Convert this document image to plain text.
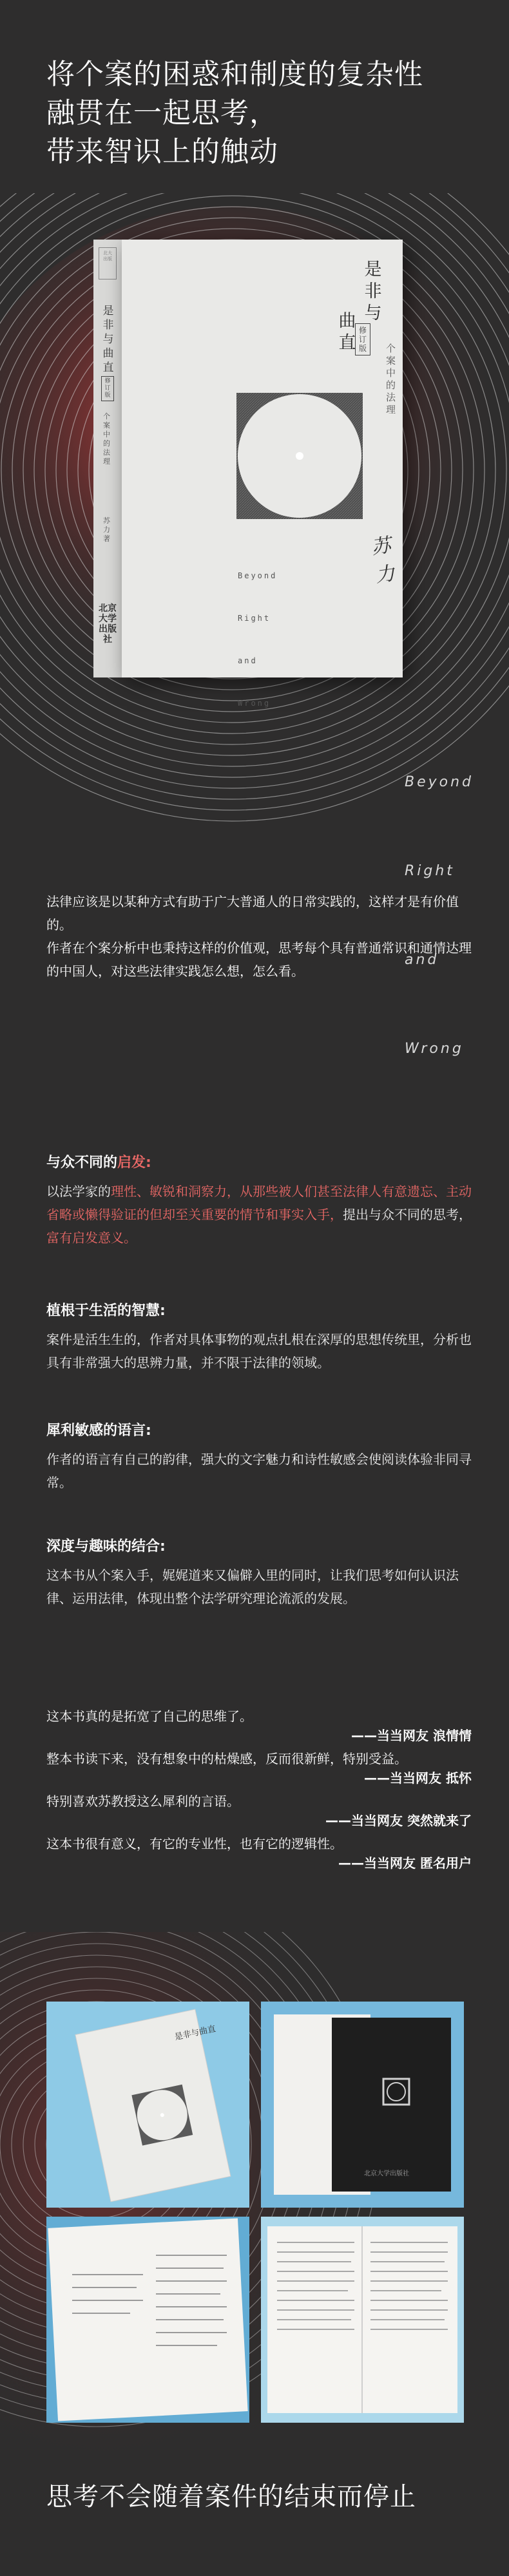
将个案的困惑和制度的复杂性
融贯在一起思考，
带来智识上的触动
北大
出版
是非与曲直
修订版
个案中的法理
苏力著
北京大学出版社
是非与
曲直
修订版	个案中的法理

Beyond

Right

and

Wrong

苏力

Beyond

Right

and

Wrong

法律应该是以某种方式有助于广大普通人的日常实践的，这样才是有价值的。

作者在个案分析中也秉持这样的价值观，思考每个具有普通常识和通情达理的中国人，对这些法律实践怎么想，怎么看。

与众不同的启发:
以法学家的理性、敏锐和洞察力，从那些被人们甚至法律人有意遗忘、主动省略或懒得验证的但却至关重要的情节和事实入手，提出与众不同的思考，富有启发意义。
植根于生活的智慧:
案件是活生生的，作者对具体事物的观点扎根在深厚的思想传统里，分析也具有非常强大的思辨力量，并不限于法律的领域。
犀利敏感的语言:
作者的语言有自己的韵律，强大的文字魅力和诗性敏感会使阅读体验非同寻常。
深度与趣味的结合:
这本书从个案入手，娓娓道来又偏僻入里的同时，让我们思考如何认识法律、运用法律，体现出整个法学研究理论流派的发展。
这本书真的是拓宽了自己的思维了。
——当当网友 浪情情
整本书读下来，没有想象中的枯燥感，反而很新鲜，特别受益。
——当当网友 抵怀
特别喜欢苏教授这么犀利的言语。
——当当网友 突然就来了
这本书很有意义，有它的专业性，也有它的逻辑性。
——当当网友 匿名用户
是非与曲直
北京大学出版社
思考不会随着案件的结束而停止
